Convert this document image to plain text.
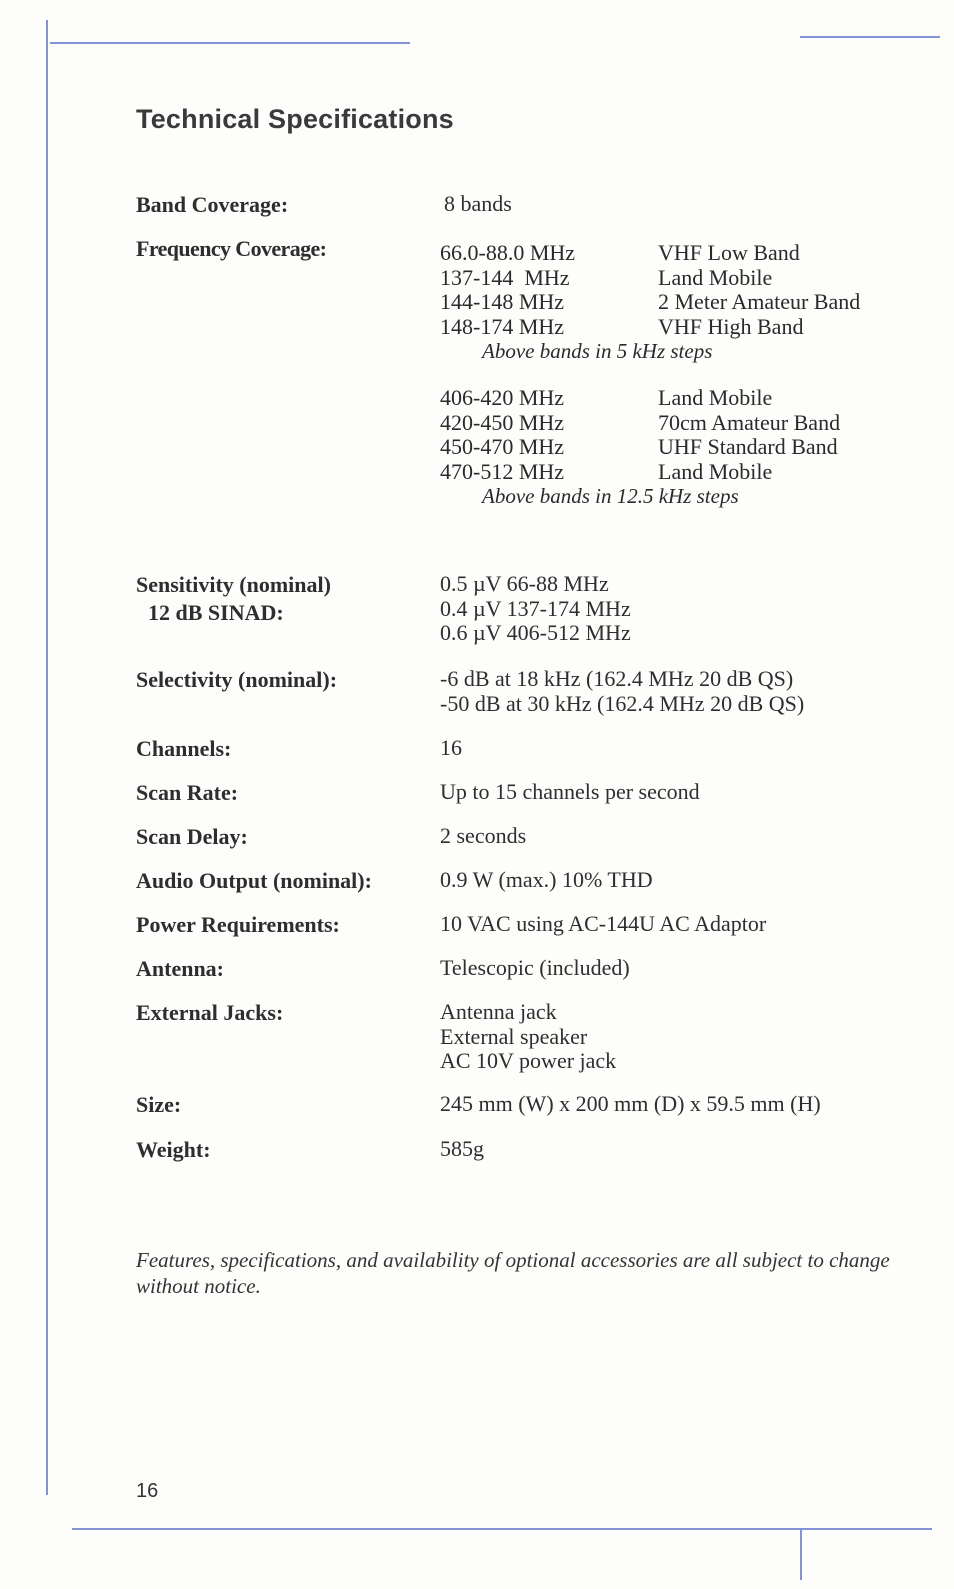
Technical Specifications
Band Coverage:	8 bands
Frequency Coverage:	66.0-88.0 MHz	VHF Low Band
137-144  MHz	Land Mobile
144-148 MHz	2 Meter Amateur Band
148-174 MHz	VHF High Band
Above bands in 5 kHz steps
406-420 MHz	Land Mobile
420-450 MHz	70cm Amateur Band
450-470 MHz	UHF Standard Band
470-512 MHz	Land Mobile
Above bands in 12.5 kHz steps
Sensitivity (nominal)
12 dB SINAD:
0.5 µV 66-88 MHz
0.4 µV 137-174 MHz
0.6 µV 406-512 MHz
Selectivity (nominal):	-6 dB at 18 kHz (162.4 MHz 20 dB QS)
-50 dB at 30 kHz (162.4 MHz 20 dB QS)
Channels:	16
Scan Rate:	Up to 15 channels per second
Scan Delay:	2 seconds
Audio Output (nominal):	0.9 W (max.) 10% THD
Power Requirements:	10 VAC using AC-144U AC Adaptor
Antenna:	Telescopic (included)
External Jacks:	Antenna jack
External speaker
AC 10V power jack
Size:	245 mm (W) x 200 mm (D) x 59.5 mm (H)
Weight:	585g
Features, specifications, and availability of optional accessories are all subject to change without notice.
16
